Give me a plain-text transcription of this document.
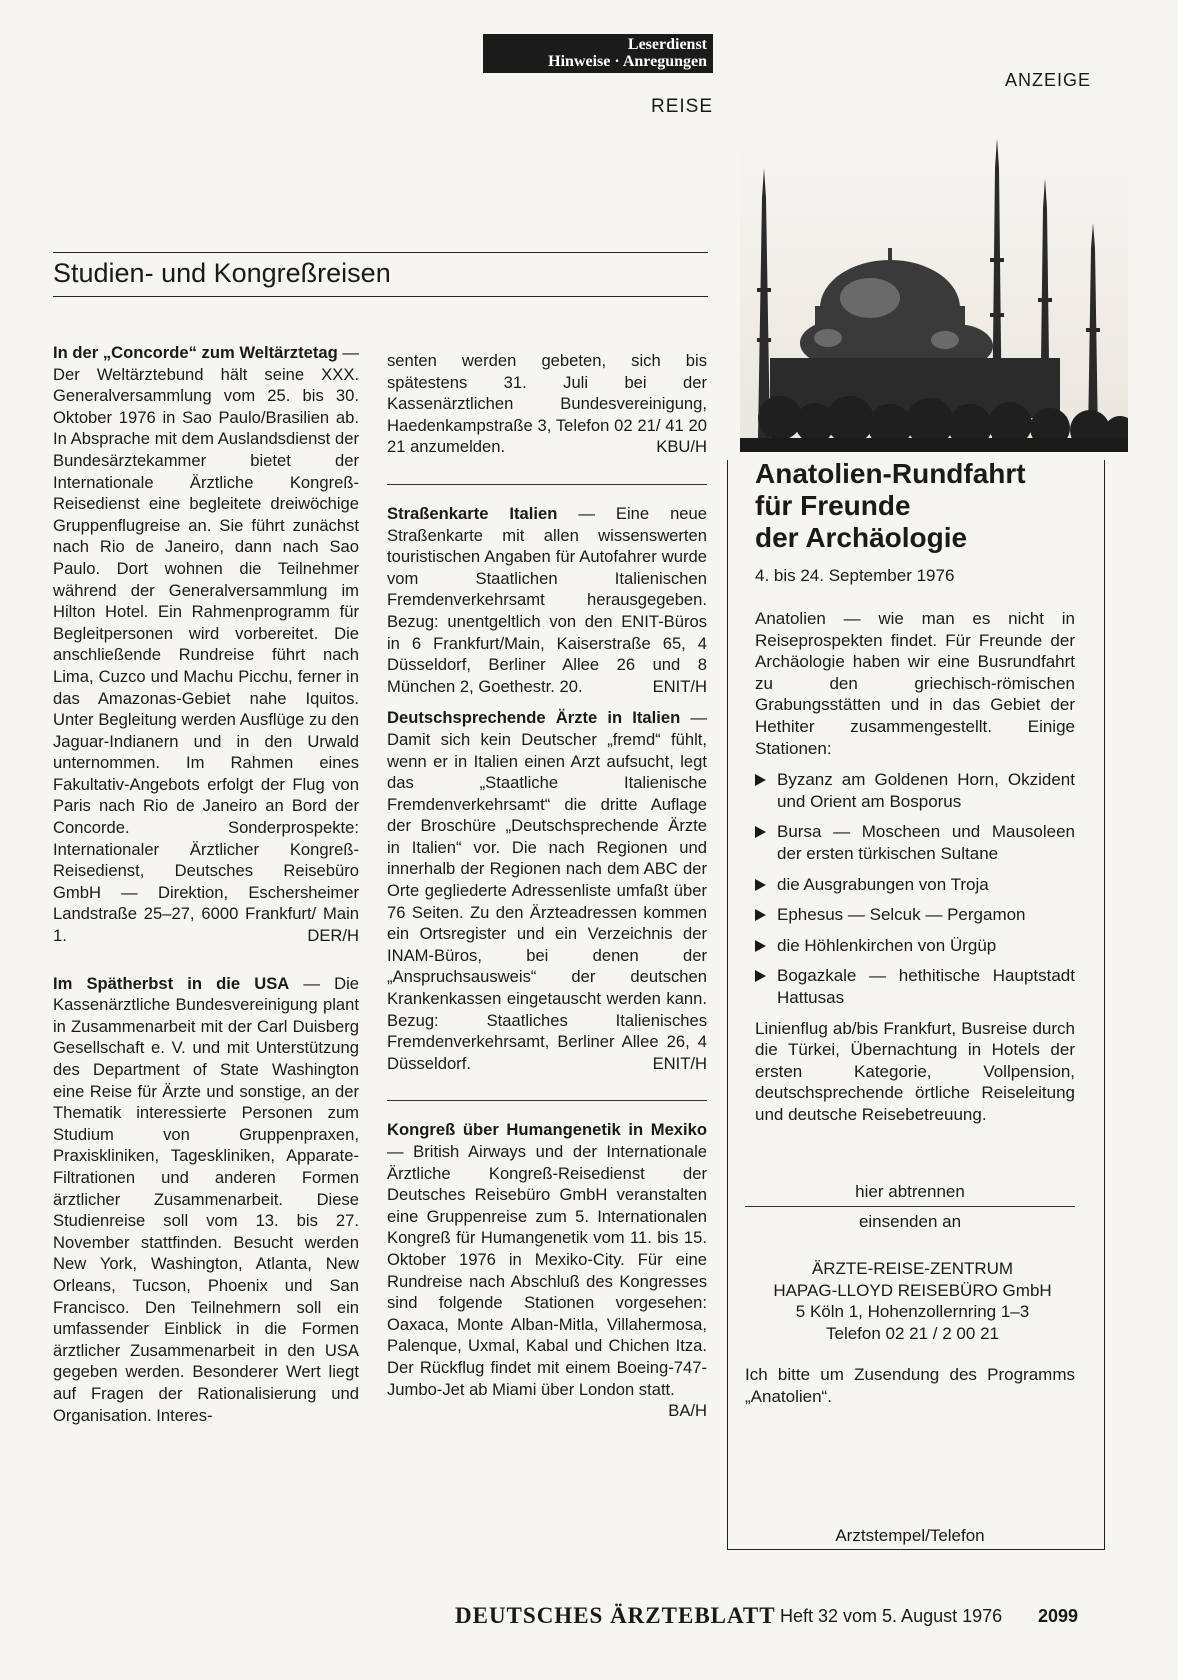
Leserdienst
Hinweise · Anregungen
REISE
ANZEIGE
Studien- und Kongreßreisen

In der „Concorde“ zum Weltärztetag — Der Weltärztebund hält seine XXX. Generalversammlung vom 25. bis 30. Oktober 1976 in Sao Paulo/Brasilien ab. In Absprache mit dem Auslandsdienst der Bundesärztekammer bietet der Internationale Ärztliche Kongreß-Reisedienst eine begleitete dreiwöchige Gruppenflugreise an. Sie führt zunächst nach Rio de Janeiro, dann nach Sao Paulo. Dort wohnen die Teilnehmer während der Generalversammlung im Hilton Hotel. Ein Rahmenprogramm für Begleitpersonen wird vorbereitet. Die anschließende Rundreise führt nach Lima, Cuzco und Machu Picchu, ferner in das Amazonas-Gebiet nahe Iquitos. Unter Begleitung werden Ausflüge zu den Jaguar-Indianern und in den Urwald unternommen. Im Rahmen eines Fakultativ-Angebots erfolgt der Flug von Paris nach Rio de Janeiro an Bord der Concorde. Sonderprospekte: Internationaler Ärztlicher Kongreß-Reisedienst, Deutsches Reisebüro GmbH — Direktion, Eschersheimer Landstraße 25–27, 6000 Frankfurt/ Main 1.	DER/H

Im Spätherbst in die USA — Die Kassenärztliche Bundesvereinigung plant in Zusammenarbeit mit der Carl Duisberg Gesellschaft e. V. und mit Unterstützung des Department of State Washington eine Reise für Ärzte und sonstige, an der Thematik interessierte Personen zum Studium von Gruppenpraxen, Praxiskliniken, Tageskliniken, Apparate-Filtrationen und anderen Formen ärztlicher Zusammenarbeit. Diese Studienreise soll vom 13. bis 27. November stattfinden. Besucht werden New York, Washington, Atlanta, New Orleans, Tucson, Phoenix und San Francisco. Den Teilnehmern soll ein umfassender Einblick in die Formen ärztlicher Zusammenarbeit in den USA gegeben werden. Besonderer Wert liegt auf Fragen der Rationalisierung und Organisation. Interes-

senten werden gebeten, sich bis spätestens 31. Juli bei der Kassenärztlichen Bundesvereinigung, Haedenkampstraße 3, Telefon 02 21/ 41 20 21 anzumelden.	KBU/H

Straßenkarte Italien — Eine neue Straßenkarte mit allen wissenswerten touristischen Angaben für Autofahrer wurde vom Staatlichen Italienischen Fremdenverkehrsamt herausgegeben. Bezug: unentgeltlich von den ENIT-Büros in 6 Frankfurt/Main, Kaiserstraße 65, 4 Düsseldorf, Berliner Allee 26 und 8 München 2, Goethestr. 20.	ENIT/H

Deutschsprechende Ärzte in Italien — Damit sich kein Deutscher „fremd“ fühlt, wenn er in Italien einen Arzt aufsucht, legt das „Staatliche Italienische Fremdenverkehrsamt“ die dritte Auflage der Broschüre „Deutschsprechende Ärzte in Italien“ vor. Die nach Regionen und innerhalb der Regionen nach dem ABC der Orte gegliederte Adressenliste umfaßt über 76 Seiten. Zu den Ärzteadressen kommen ein Ortsregister und ein Verzeichnis der INAM-Büros, bei denen der „Anspruchsausweis“ der deutschen Krankenkassen eingetauscht werden kann. Bezug: Staatliches Italienisches Fremdenverkehrsamt, Berliner Allee 26, 4 Düsseldorf.	ENIT/H

Kongreß über Humangenetik in Mexiko — British Airways und der Internationale Ärztliche Kongreß-Reisedienst der Deutsches Reisebüro GmbH veranstalten eine Gruppenreise zum 5. Internationalen Kongreß für Humangenetik vom 11. bis 15. Oktober 1976 in Mexiko-City. Für eine Rundreise nach Abschluß des Kongresses sind folgende Stationen vorgesehen: Oaxaca, Monte Alban-Mitla, Villahermosa, Palenque, Uxmal, Kabal und Chichen Itza. Der Rückflug findet mit einem Boeing-747-Jumbo-Jet ab Miami über London statt.
BA/H

Anatolien-Rundfahrt
für Freunde
der Archäologie
4. bis 24. September 1976

Anatolien — wie man es nicht in Reiseprospekten findet. Für Freunde der Archäologie haben wir eine Busrundfahrt zu den griechisch-römischen Grabungsstätten und in das Gebiet der Hethiter zusammengestellt. Einige Stationen:

Byzanz am Goldenen Horn, Okzident und Orient am Bosporus
Bursa — Moscheen und Mausoleen der ersten türkischen Sultane
die Ausgrabungen von Troja
Ephesus — Selcuk — Pergamon
die Höhlenkirchen von Ürgüp
Bogazkale — hethitische Hauptstadt Hattusas

Linienflug ab/bis Frankfurt, Busreise durch die Türkei, Übernachtung in Hotels der ersten Kategorie, Vollpension, deutschsprechende örtliche Reiseleitung und deutsche Reisebetreuung.

hier abtrennen
einsenden an
ÄRZTE-REISE-ZENTRUM
HAPAG-LLOYD REISEBÜRO GmbH
5 Köln 1, Hohenzollernring 1–3
Telefon 02 21 / 2 00 21
Ich bitte um Zusendung des Programms „Anatolien“.
Arztstempel/Telefon
DEUTSCHES ÄRZTEBLATT Heft 32 vom 5. August 1976 2099
